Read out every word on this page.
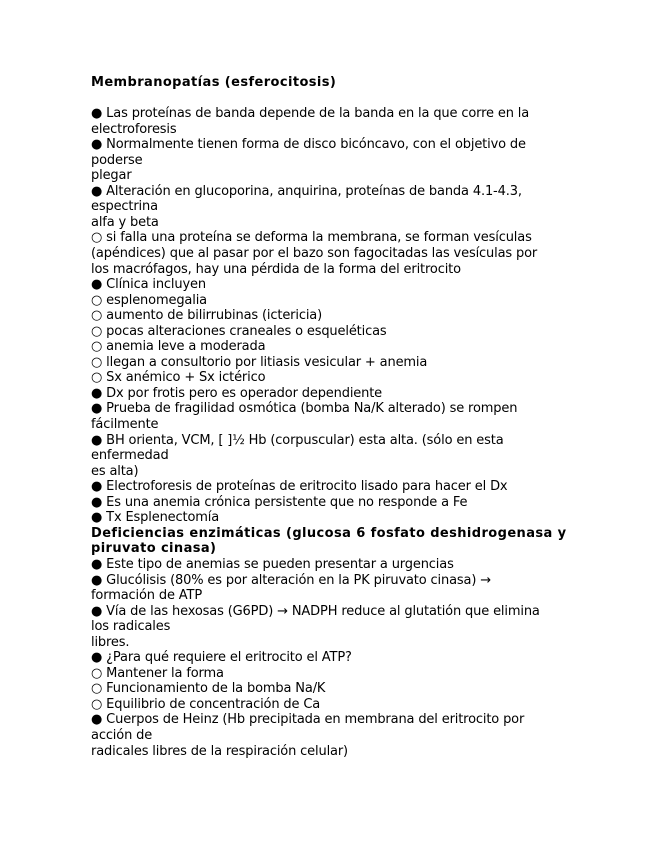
Membranopatías (esferocitosis)
● Las proteínas de banda depende de la banda en la que corre en la
electroforesis
● Normalmente tienen forma de disco bicóncavo, con el objetivo de
poderse
plegar
● Alteración en glucoporina, anquirina, proteínas de banda 4.1-4.3,
espectrina
alfa y beta
○ si falla una proteína se deforma la membrana, se forman vesículas
(apéndices) que al pasar por el bazo son fagocitadas las vesículas por
los macrófagos, hay una pérdida de la forma del eritrocito
● Clínica incluyen
○ esplenomegalia
○ aumento de bilirrubinas (ictericia)
○ pocas alteraciones craneales o esqueléticas
○ anemia leve a moderada
○ llegan a consultorio por litiasis vesicular + anemia
○ Sx anémico + Sx ictérico
● Dx por frotis pero es operador dependiente
● Prueba de fragilidad osmótica (bomba Na/K alterado) se rompen
fácilmente
● BH orienta, VCM, [ ]½ Hb (corpuscular) esta alta. (sólo en esta
enfermedad
es alta)
● Electroforesis de proteínas de eritrocito lisado para hacer el Dx
● Es una anemia crónica persistente que no responde a Fe
● Tx Esplenectomía
Deficiencias enzimáticas (glucosa 6 fosfato deshidrogenasa y
piruvato cinasa)
● Este tipo de anemias se pueden presentar a urgencias
● Glucólisis (80% es por alteración en la PK piruvato cinasa) →
formación de ATP
● Vía de las hexosas (G6PD) → NADPH reduce al glutatión que elimina
los radicales
libres.
● ¿Para qué requiere el eritrocito el ATP?
○ Mantener la forma
○ Funcionamiento de la bomba Na/K
○ Equilibrio de concentración de Ca
● Cuerpos de Heinz (Hb precipitada en membrana del eritrocito por
acción de
radicales libres de la respiración celular)
